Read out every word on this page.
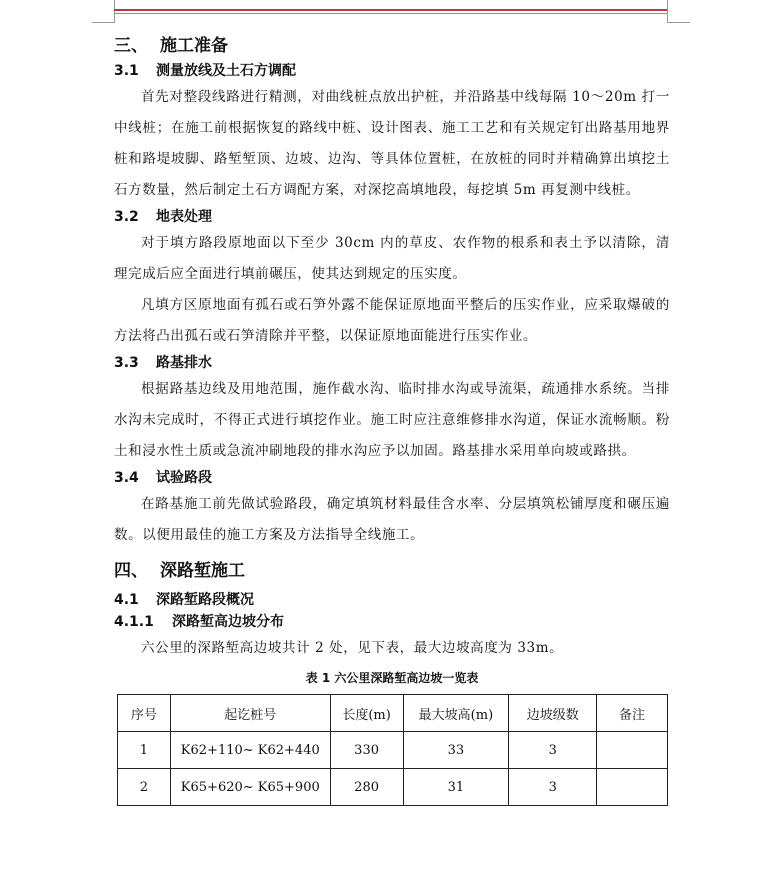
三、 施工准备
3.1 测量放线及土石方调配

首先对整段线路进行精测，对曲线桩点放出护桩，并沿路基中线每隔 10～20m 打一中线桩；在施工前根据恢复的路线中桩、设计图表、施工工艺和有关规定钉出路基用地界桩和路堤坡脚、路堑堑顶、边坡、边沟、等具体位置桩，在放桩的同时并精确算出填挖土石方数量，然后制定土石方调配方案，对深挖高填地段，每挖填 5m 再复测中线桩。

3.2 地表处理

对于填方路段原地面以下至少 30cm 内的草皮、农作物的根系和表土予以清除，清理完成后应全面进行填前碾压，使其达到规定的压实度。

凡填方区原地面有孤石或石笋外露不能保证原地面平整后的压实作业，应采取爆破的方法将凸出孤石或石笋清除并平整，以保证原地面能进行压实作业。

3.3 路基排水

根据路基边线及用地范围，施作截水沟、临时排水沟或导流渠，疏通排水系统。当排水沟未完成时，不得正式进行填挖作业。施工时应注意维修排水沟道，保证水流畅顺。粉土和浸水性土质或急流冲刷地段的排水沟应予以加固。路基排水采用单向坡或路拱。

3.4 试验路段

在路基施工前先做试验路段，确定填筑材料最佳含水率、分层填筑松铺厚度和碾压遍数。以便用最佳的施工方案及方法指导全线施工。

四、 深路堑施工
4.1 深路堑路段概况
4.1.1 深路堑高边坡分布

六公里的深路堑高边坡共计 2 处，见下表，最大边坡高度为 33m。

表 1 六公里深路堑高边坡一览表
序号	起讫桩号	长度(m)	最大坡高(m)	边坡级数	备注
1	K62+110~ K62+440	330	33	3	
2	K65+620~ K65+900	280	31	3	
